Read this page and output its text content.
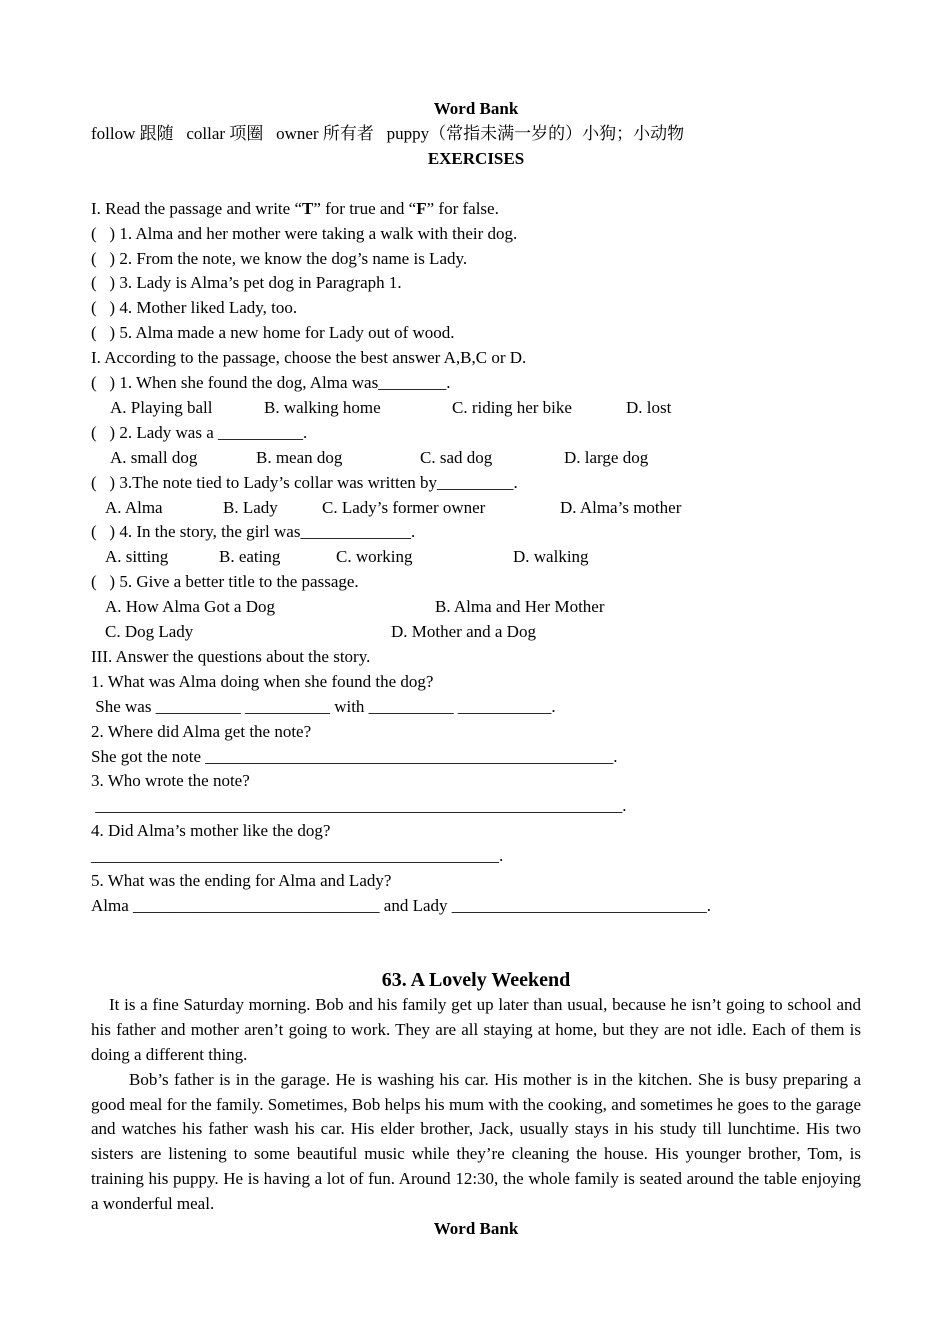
Word Bank
follow 跟随   collar 项圈   owner 所有者   puppy（常指未满一岁的）小狗；小动物
EXERCISES
I. Read the passage and write “T” for true and “F” for false.
(   ) 1. Alma and her mother were taking a walk with their dog.
(   ) 2. From the note, we know the dog’s name is Lady.
(   ) 3. Lady is Alma’s pet dog in Paragraph 1.
(   ) 4. Mother liked Lady, too.
(   ) 5. Alma made a new home for Lady out of wood.
I. According to the passage, choose the best answer A,B,C or D.
(   ) 1. When she found the dog, Alma was________.
A. Playing ball	B. walking home	C. riding her bike	D. lost
(   ) 2. Lady was a __________.
A. small dog	B. mean dog	C. sad dog	D. large dog
(   ) 3.The note tied to Lady’s collar was written by_________.
A. Alma	B. Lady	C. Lady’s former owner	D. Alma’s mother
(   ) 4. In the story, the girl was_____________.
A. sitting	B. eating	C. working	D. walking
(   ) 5. Give a better title to the passage.
A. How Alma Got a Dog	B. Alma and Her Mother
C. Dog Lady	D. Mother and a Dog
III. Answer the questions about the story.
1. What was Alma doing when she found the dog?
She was __________ __________ with __________ ___________.
2. Where did Alma get the note?
She got the note ________________________________________________.
3. Who wrote the note?
______________________________________________________________.
4. Did Alma’s mother like the dog?
________________________________________________.
5. What was the ending for Alma and Lady?
Alma _____________________________ and Lady ______________________________.
63. A Lovely Weekend
It is a fine Saturday morning. Bob and his family get up later than usual, because he isn’t going to school and his father and mother aren’t going to work. They are all staying at home, but they are not idle. Each of them is doing a different thing.
Bob’s father is in the garage. He is washing his car. His mother is in the kitchen. She is busy preparing a good meal for the family. Sometimes, Bob helps his mum with the cooking, and sometimes he goes to the garage and watches his father wash his car. His elder brother, Jack, usually stays in his study till lunchtime. His two sisters are listening to some beautiful music while they’re cleaning the house. His younger brother, Tom, is training his puppy. He is having a lot of fun. Around 12:30, the whole family is seated around the table enjoying a wonderful meal.
Word Bank
